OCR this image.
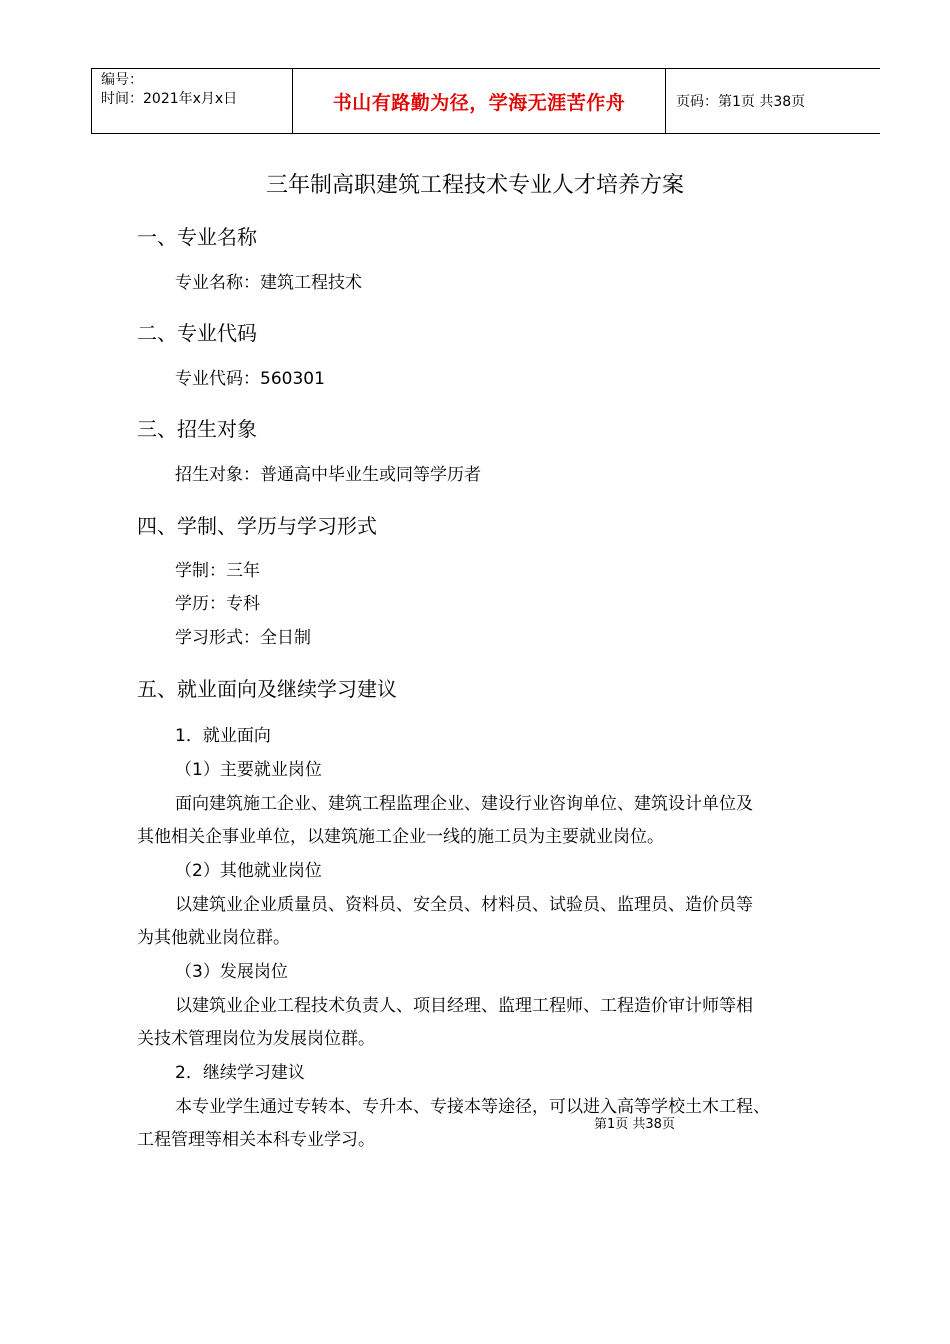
编号：
时间：2021年x月x日	书山有路勤为径，学海无涯苦作舟	页码：第1页 共38页
三年制高职建筑工程技术专业人才培养方案
一、专业名称
专业名称：建筑工程技术
二、专业代码
专业代码：560301
三、招生对象
招生对象：普通高中毕业生或同等学历者
四、学制、学历与学习形式
学制：三年
学历：专科
学习形式：全日制
五、就业面向及继续学习建议
1．就业面向
（1）主要就业岗位
面向建筑施工企业、建筑工程监理企业、建设行业咨询单位、建筑设计单位及
其他相关企事业单位，以建筑施工企业一线的施工员为主要就业岗位。
（2）其他就业岗位
以建筑业企业质量员、资料员、安全员、材料员、试验员、监理员、造价员等
为其他就业岗位群。
（3）发展岗位
以建筑业企业工程技术负责人、项目经理、监理工程师、工程造价审计师等相
关技术管理岗位为发展岗位群。
2．继续学习建议
本专业学生通过专转本、专升本、专接本等途径，可以进入高等学校土木工程、
工程管理等相关本科专业学习。
第1页 共38页
